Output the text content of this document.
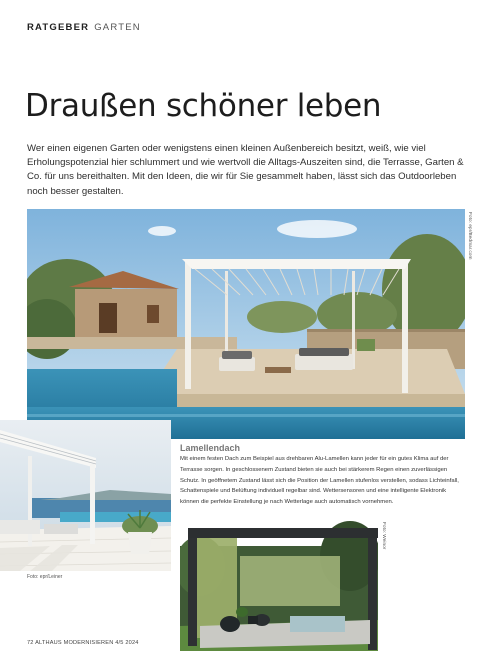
RATGEBER GARTEN
Draußen schöner leben

Wer einen eigenen Garten oder wenigstens einen kleinen Außenbereich besitzt, weiß, wie viel Erholungspotenzial hier schlummert und wie wertvoll die Alltags-Auszeiten sind, die Terrasse, Garten & Co. für uns bereithalten. Mit den Ideen, die wir für Sie gesammelt haben, lässt sich das Outdoorleben noch besser gestalten.

Foto: epr/Bedmar.com
Foto: epr/Leiner
Lamellendach

Mit einem festen Dach zum Beispiel aus drehbaren Alu-Lamellen kann jeder für ein gutes Klima auf der Terrasse sorgen. In geschlossenem Zustand bieten sie auch bei stärkerem Regen einen zuverlässigen Schutz. In geöffnetem Zustand lässt sich die Position der Lamellen stufenlos verstellen, sodass Lichteinfall, Schattenspiele und Belüftung individuell regelbar sind. Wettersensoren und eine intelligente Elektronik können die perfekte Einstellung je nach Wetterlage auch automatisch vornehmen.

Foto: Weinor
72 ALTHAUS MODERNISIEREN 4/5 2024
